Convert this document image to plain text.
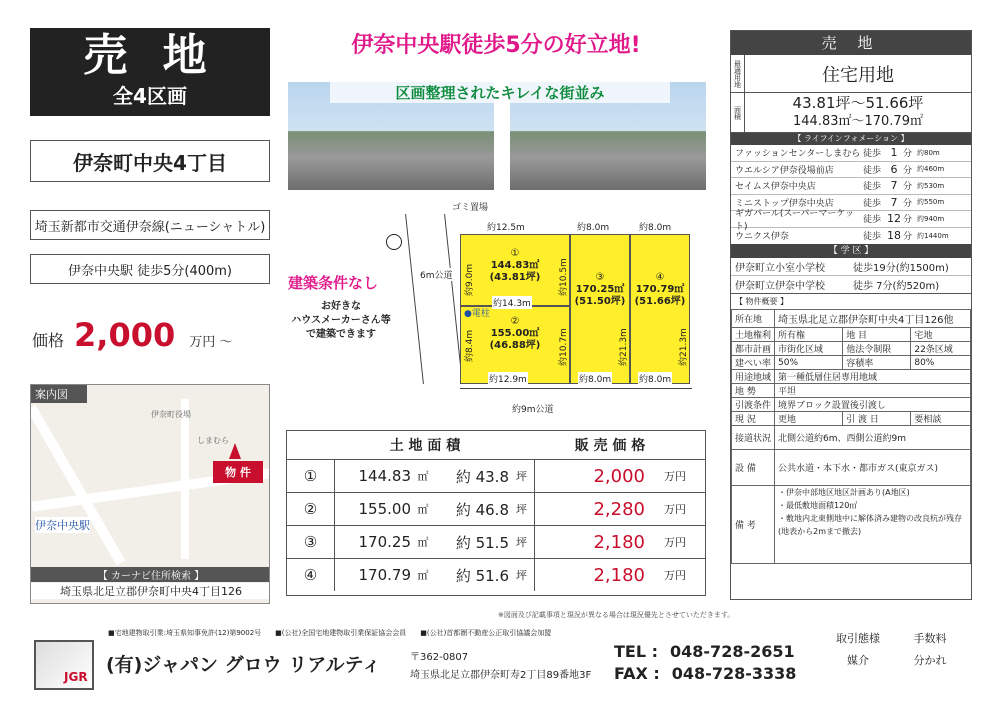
売 地
全4区画
伊奈町中央4丁目
埼玉新都市交通伊奈線(ニューシャトル)
伊奈中央駅 徒歩5分(400m)
価格 2,000 万円 〜
案内図
伊奈町役場
しまむら
物 件
伊奈中央駅
【 カーナビ住所検索 】
埼玉県北足立郡伊奈町中央4丁目126
伊奈中央駅徒歩5分の好立地!
区画整理されたキレイな街並み
ゴミ置場
①
144.83㎡
(43.81坪)
②
155.00㎡
(46.88坪)
③
170.25㎡
(51.50坪)
④
170.79㎡
(51.66坪)
約12.5m	約8.0m	約8.0m
約14.3m
約12.9m	約8.0m	約8.0m
約9.0m	約10.5m
約8.4m	約10.7m	約21.3m	約21.3m
●電柱
6m公道
約9m公道
建築条件なし
お好きな
ハウスメーカーさん等
で建築できます
土 地 面 積	販 売 価 格
①	144.83 ㎡	約 43.8 坪	2,000	万円
②	155.00 ㎡	約 46.8 坪	2,280	万円
③	170.25 ㎡	約 51.5 坪	2,180	万円
④	170.79 ㎡	約 51.6 坪	2,180	万円
※図面及び記載事項と現況が異なる場合は現況優先とさせていただきます。
売 地
最適用地	住宅用地
面積
43.81坪〜51.66坪
144.83㎡〜170.79㎡
【 ライフインフォメーション 】
ファッションセンターしまむら 徒歩 1 分 約80m
ウエルシア伊奈役場前店	徒歩 6 分 約460m
セイムス伊奈中央店	徒歩 7 分 約530m
ミニストップ伊奈中央店	徒歩 7 分 約550m
ギガパール(スーパーマーケット)
徒歩 12 分 約940m
ウニクス伊奈	徒歩 18 分 約1440m
【 学 区 】
伊奈町立小室小学校	徒歩19分(約1500m)
伊奈町立伊奈中学校	徒歩 7分(約520m)
【 物件概要 】
所在地	埼玉県北足立郡伊奈町中央4丁目126他		
土地権利	所有権	地 目	宅地
都市計画	市街化区域	他法令制限	22条区域
建ぺい率	50%	容積率	80%
用途地域	第一種低層住居専用地域		
地 勢	平坦		
引渡条件	境界ブロック設置後引渡し		
現 況	更地	引 渡 日	要相談
接道状況	北側公道約6m、西側公道約9m		
設 備	公共水道・本下水・都市ガス(東京ガス)		
備 考	・伊奈中部地区地区計画あり(A地区)
・最低敷地面積120㎡
・敷地内北東側地中に解体済み建物の改良杭が残存
(地表から2mまで撤去)		
■宅地建物取引業:埼玉県知事免許(12)第9002号 ■(公社)全国宅地建物取引業保証協会会員 ■(公社)首都圏不動産公正取引協議会加盟
JGR
(有)ジャパン グロウ リアルティ	〒362-0807
埼玉県北足立郡伊奈町寿2丁目89番地3F
TEL : 048-728-2651
FAX : 048-728-3338
取引態様
媒介
手数料
分かれ
